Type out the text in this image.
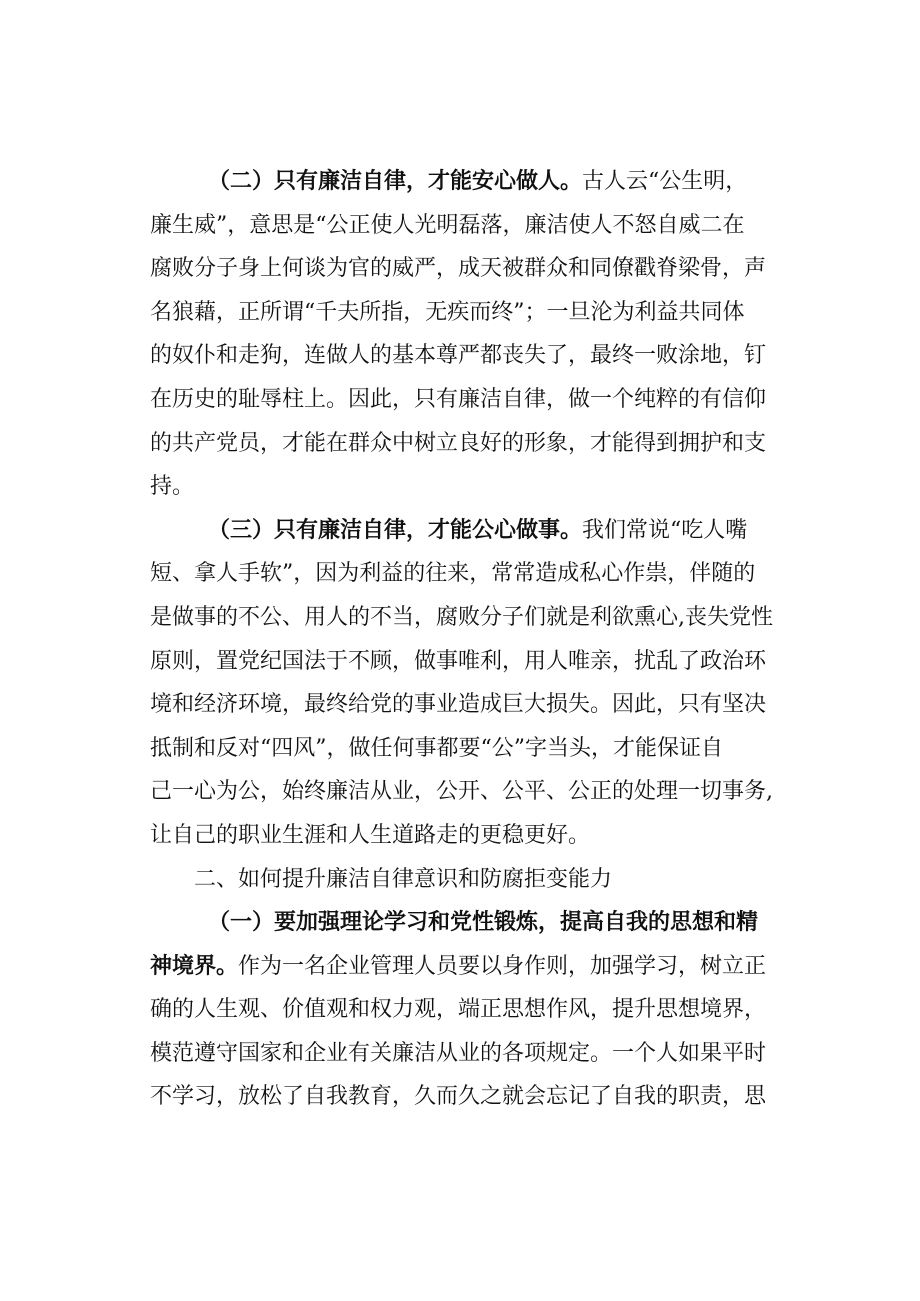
（二）只有廉洁自律，才能安心做人。古人云“公生明，
廉生威”，意思是“公正使人光明磊落，廉洁使人不怒自威二在
腐败分子身上何谈为官的威严，成天被群众和同僚戳脊梁骨，声
名狼藉，正所谓“千夫所指，无疾而终”；一旦沦为利益共同体
的奴仆和走狗，连做人的基本尊严都丧失了，最终一败涂地，钉
在历史的耻辱柱上。因此，只有廉洁自律，做一个纯粹的有信仰
的共产党员，才能在群众中树立良好的形象，才能得到拥护和支
持。
（三）只有廉洁自律，才能公心做事。我们常说“吃人嘴
短、拿人手软”，因为利益的往来，常常造成私心作祟，伴随的
是做事的不公、用人的不当，腐败分子们就是利欲熏心,丧失党性
原则，置党纪国法于不顾，做事唯利，用人唯亲，扰乱了政治环
境和经济环境，最终给党的事业造成巨大损失。因此，只有坚决
抵制和反对“四风”，做任何事都要“公”字当头，才能保证自
己一心为公，始终廉洁从业，公开、公平、公正的处理一切事务,
让自己的职业生涯和人生道路走的更稳更好。
二、如何提升廉洁自律意识和防腐拒变能力
（一）要加强理论学习和党性锻炼，提高自我的思想和精
神境界。作为一名企业管理人员要以身作则，加强学习，树立正
确的人生观、价值观和权力观，端正思想作风，提升思想境界，
模范遵守国家和企业有关廉洁从业的各项规定。一个人如果平时
不学习，放松了自我教育，久而久之就会忘记了自我的职责，思
